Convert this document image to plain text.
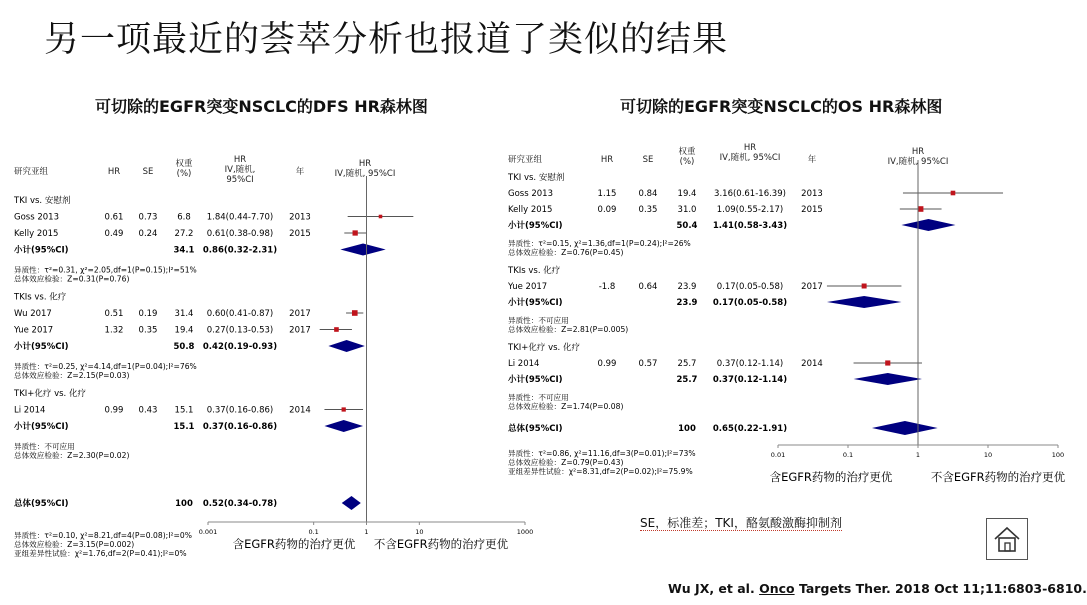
另一项最近的荟萃分析也报道了类似的结果
可切除的EGFR突变NSCLC的DFS HR森林图	可切除的EGFR突变NSCLC的OS HR森林图
研究亚组	HR	SE
权重(%)
HR IV,随机, 95%CI
年
HR IV,随机, 95%CI
TKI vs. 安慰剂
Goss 2013	0.61 0.73 6.8 1.84(0.44-7.70) 2013
Kelly 2015	0.49 0.24 27.2 0.61(0.38-0.98) 2015
小计(95%CI)	34.1 0.86(0.32-2.31)
异质性：τ²=0.31, χ²=2.05,df=1(P=0.15);I²=51%
总体效应检验：Z=0.31(P=0.76)
TKIs vs. 化疗
Wu 2017	0.51 0.19 31.4 0.60(0.41-0.87) 2017
Yue 2017	1.32 0.35 19.4 0.27(0.13-0.53) 2017
小计(95%CI)	50.8 0.42(0.19-0.93)
异质性：τ²=0.25, χ²=4.14,df=1(P=0.04);I²=76%
总体效应检验：Z=2.15(P=0.03)
TKI+化疗 vs. 化疗
Li 2014	0.99 0.43 15.1 0.37(0.16-0.86) 2014
小计(95%CI)	15.1 0.37(0.16-0.86)
异质性：不可应用
总体效应检验：Z=2.30(P=0.02)
总体(95%CI)	100 0.52(0.34-0.78)
0.001	0.1	1	10	1000
含EGFR药物的治疗更优 不含EGFR药物的治疗更优
异质性：τ²=0.10, χ²=8.21,df=4(P=0.08);I²=0%
总体效应检验：Z=3.15(P=0.002)
亚组差异性试验：χ²=1.76,df=2(P=0.41);I²=0%
研究亚组	HR	SE
权重(%)
HR IV,随机, 95%CI	年
HR IV,随机, 95%CI
TKI vs. 安慰剂
Goss 2013	1.15	0.84 19.4 3.16(0.61-16.39) 2013
Kelly 2015	0.09	0.35 31.0 1.09(0.55-2.17) 2015
小计(95%CI)	50.4 1.41(0.58-3.43)
异质性：τ²=0.15, χ²=1.36,df=1(P=0.24);I²=26%
总体效应检验：Z=0.76(P=0.45)
TKIs vs. 化疗
Yue 2017	-1.8	0.64 23.9 0.17(0.05-0.58) 2017
小计(95%CI)	23.9 0.17(0.05-0.58)
异质性：不可应用
总体效应检验：Z=2.81(P=0.005)
TKI+化疗 vs. 化疗
Li 2014	0.99	0.57 25.7 0.37(0.12-1.14) 2014
小计(95%CI)	25.7 0.37(0.12-1.14)
异质性：不可应用
总体效应检验：Z=1.74(P=0.08)
总体(95%CI)	100 0.65(0.22-1.91)
0.01	0.1	1	10	100
含EGFR药物的治疗更优	不含EGFR药物的治疗更优
异质性：τ²=0.86, χ²=11.16,df=3(P=0.01);I²=73%
总体效应检验：Z=0.79(P=0.43)
亚组差异性试验：χ²=8.31,df=2(P=0.02);I²=75.9%
SE，标准差；TKI，酪氨酸激酶抑制剂
Wu JX, et al. Onco Targets Ther. 2018 Oct 11;11:6803-6810.
